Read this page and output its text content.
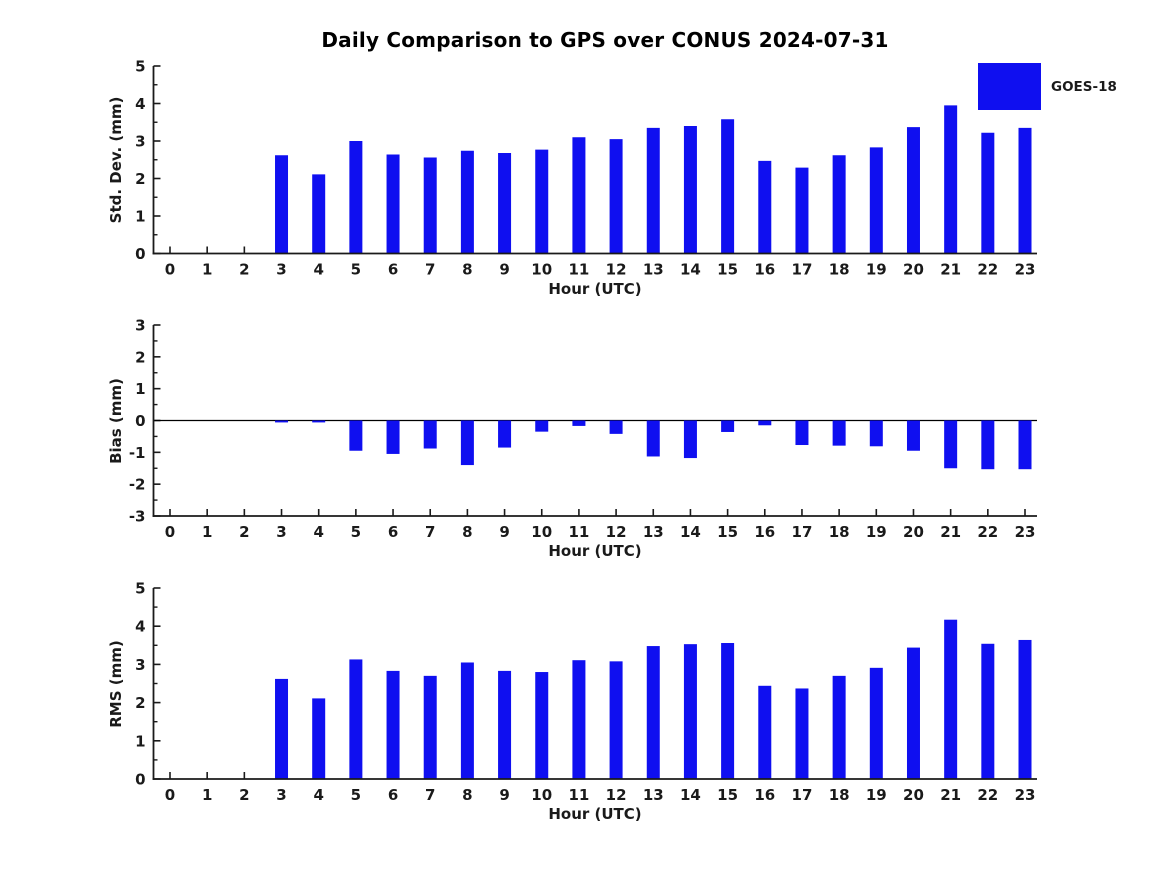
0 1 2 3 4 5 6 7 8 9 10 11 12 13 14 15 16 17 18 19 20 21 22 23
0
1
2
3
4
5
0 1 2 3 4 5 6 7 8 9 10 11 12 13 14 15 16 17 18 19 20 21 22 23
-3
-2
-1
0
1
2
3
0 1 2 3 4 5 6 7 8 9 10 11 12 13 14 15 16 17 18 19 20 21 22 23
0
1
2
3
4
5
Daily Comparison to GPS over CONUS 2024-07-31
Std. Dev. (mm)
Bias (mm)
RMS (mm)
Hour (UTC)
Hour (UTC)
Hour (UTC)
GOES-18
